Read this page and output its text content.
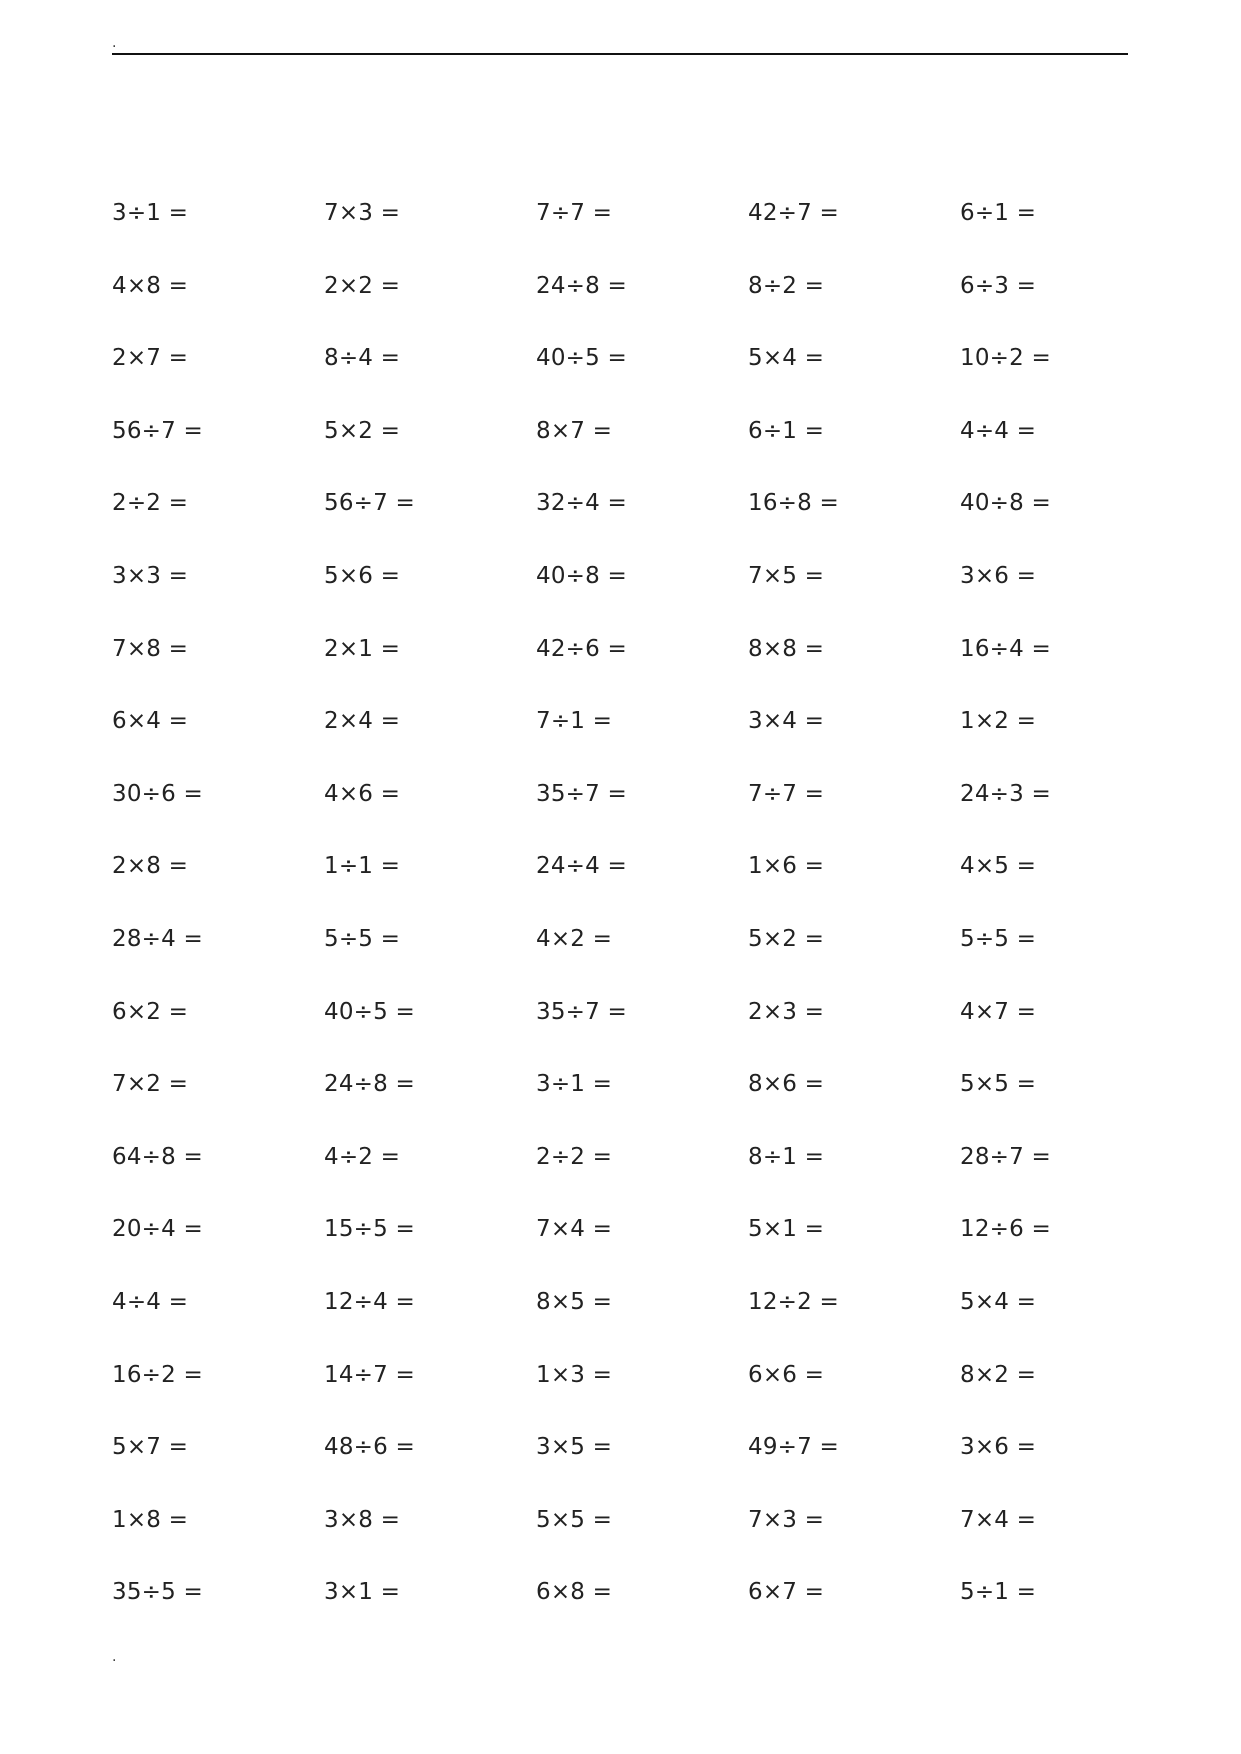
.
3÷1 =	7×3 =	7÷7 =	42÷7 =	6÷1 =
4×8 =	2×2 =	24÷8 =	8÷2 =	6÷3 =
2×7 =	8÷4 =	40÷5 =	5×4 =	10÷2 =
56÷7 =	5×2 =	8×7 =	6÷1 =	4÷4 =
2÷2 =	56÷7 =	32÷4 =	16÷8 =	40÷8 =
3×3 =	5×6 =	40÷8 =	7×5 =	3×6 =
7×8 =	2×1 =	42÷6 =	8×8 =	16÷4 =
6×4 =	2×4 =	7÷1 =	3×4 =	1×2 =
30÷6 =	4×6 =	35÷7 =	7÷7 =	24÷3 =
2×8 =	1÷1 =	24÷4 =	1×6 =	4×5 =
28÷4 =	5÷5 =	4×2 =	5×2 =	5÷5 =
6×2 =	40÷5 =	35÷7 =	2×3 =	4×7 =
7×2 =	24÷8 =	3÷1 =	8×6 =	5×5 =
64÷8 =	4÷2 =	2÷2 =	8÷1 =	28÷7 =
20÷4 =	15÷5 =	7×4 =	5×1 =	12÷6 =
4÷4 =	12÷4 =	8×5 =	12÷2 =	5×4 =
16÷2 =	14÷7 =	1×3 =	6×6 =	8×2 =
5×7 =	48÷6 =	3×5 =	49÷7 =	3×6 =
1×8 =	3×8 =	5×5 =	7×3 =	7×4 =
35÷5 =	3×1 =	6×8 =	6×7 =	5÷1 =
.
